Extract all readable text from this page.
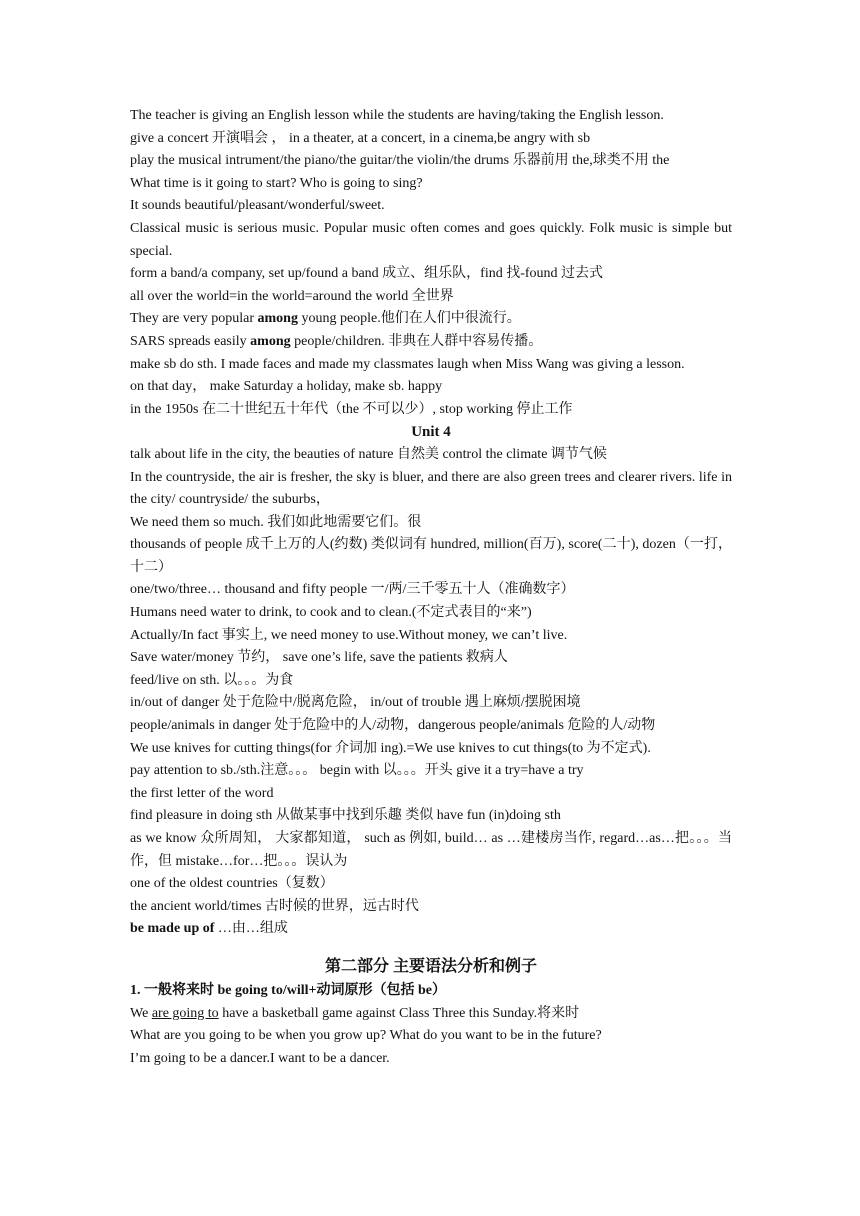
The teacher is giving an English lesson while the students are having/taking the English lesson.
give a concert 开演唱会 ， in a theater, at a concert, in a cinema,be angry with sb
play the musical intrument/the piano/the guitar/the violin/the drums 乐器前用 the,球类不用 the
What time is it going to start? Who is going to sing?
It sounds beautiful/pleasant/wonderful/sweet.
Classical music is serious music. Popular music often comes and goes quickly. Folk music is simple but special.
form a band/a company, set up/found a band 成立、组乐队，find 找-found 过去式
all over the world=in the world=around the world 全世界
They are very popular among young people.他们在人们中很流行。
SARS spreads easily among people/children. 非典在人群中容易传播。
make sb do sth. I made faces and made my classmates laugh when Miss Wang was giving a lesson.
on that day， make Saturday a holiday, make sb. happy
in the 1950s 在二十世纪五十年代（the 不可以少）, stop working 停止工作
Unit 4
talk about life in the city, the beauties of nature 自然美 control the climate 调节气候
In the countryside, the air is fresher, the sky is bluer, and there are also green trees and clearer rivers. life in the city/ countryside/ the suburbs，
We need them so much. 我们如此地需要它们。很
thousands of people 成千上万的人(约数) 类似词有 hundred, million(百万), score(二十), dozen（一打，十二）
one/two/three… thousand and fifty people 一/两/三千零五十人（准确数字）
Humans need water to drink, to cook and to clean.(不定式表目的“来”)
Actually/In fact 事实上, we need money to use.Without money, we can’t live.
Save water/money 节约， save one’s life, save the patients 救病人
feed/live on sth. 以。。。为食
in/out of danger 处于危险中/脱离危险， in/out of trouble 遇上麻烦/摆脱困境
people/animals in danger 处于危险中的人/动物，dangerous people/animals 危险的人/动物
We use knives for cutting things(for 介词加 ing).=We use knives to cut things(to 为不定式).
pay attention to sb./sth.注意。。。 begin with 以。。。开头 give it a try=have a try
the first letter of the word
find pleasure in doing sth 从做某事中找到乐趣 类似 have fun (in)doing sth
as we know 众所周知， 大家都知道， such as 例如, build… as …建楼房当作, regard…as…把。。。当作，但 mistake…for…把。。。误认为
one of the oldest countries（复数）
the ancient world/times 古时候的世界，远古时代
be made up of …由…组成
第二部分 主要语法分析和例子
1. 一般将来时 be going to/will+动词原形（包括 be）
We are going to have a basketball game against Class Three this Sunday.将来时
What are you going to be when you grow up? What do you want to be in the future?
I’m going to be a dancer.I want to be a dancer.
